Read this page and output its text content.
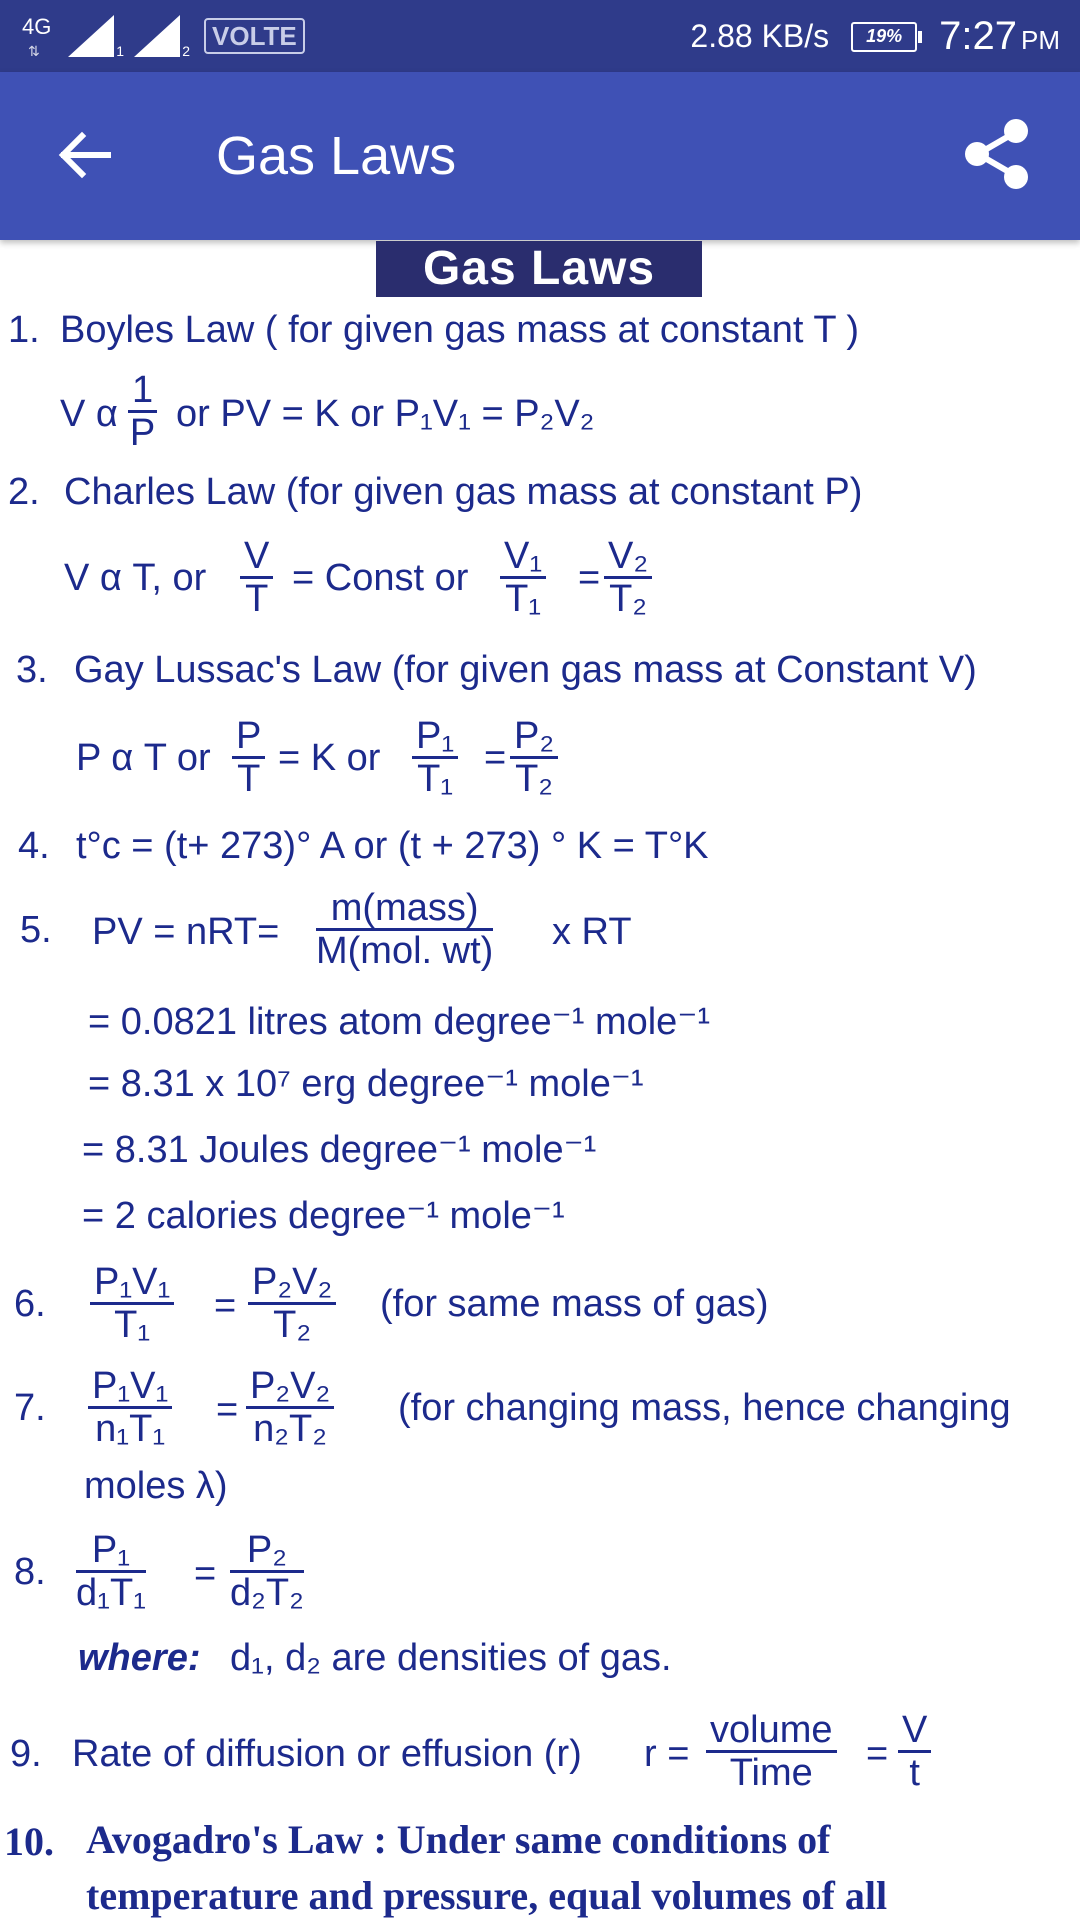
4G
⇅	1	2 VOLTE	2.88 KB/s	19% 7:27 PM
Gas Laws
Gas Laws
1. Boyles Law ( for given gas mass at constant T )
V α $\frac{1}{P}$ or PV = K or P₁V₁ = P₂V₂
2. Charles Law (for given gas mass at constant P)
V α T, or $\frac{V}{T}$ = Const or $\frac{\text{V₁}}{\text{T₁}} = \frac{\text{V₂}}{\text{T₂}}$
3. Gay Lussac's Law (for given gas mass at Constant V)
P α T or $\frac{P}{T} = K$ or $\frac{\text{P₁}}{\text{T₁}} = \frac{\text{P₂}}{\text{T₂}}$
4. t°c = (t+ 273)° A or (t + 273) ° K = T°K
5. PV = nRT=
m(mass)
M(mol. wt) x RT
= 0.0821 litres atom degree⁻¹ mole⁻¹
= 8.31 x 10⁷ erg degree⁻¹ mole⁻¹
= 8.31 Joules degree⁻¹ mole⁻¹
= 2 calories degree⁻¹ mole⁻¹
6. $\frac{\text{P₁V₁}}{\text{T₁}} = \frac{\text{P₂V₂}}{\text{T₂}} (for$ same mass of gas)
7. $\frac{\text{P₁V₁}}{\text{n₁T₁}} = \frac{\text{P₂V₂}}{\text{n₂T₂}} (for$ changing mass, hence changing
moles λ)
8. $\frac{\text{P₁}}{\text{d₁T₁}} = \frac{\text{P₂}}{\text{d₂T₂}}$
where: d₁, d₂ are densities of gas.
9. Rate of diffusion or effusion (r) r =
volume
Time	= $\frac{V}{t}$
10. Avogadro's Law : Under same conditions of
temperature and pressure, equal volumes of all
